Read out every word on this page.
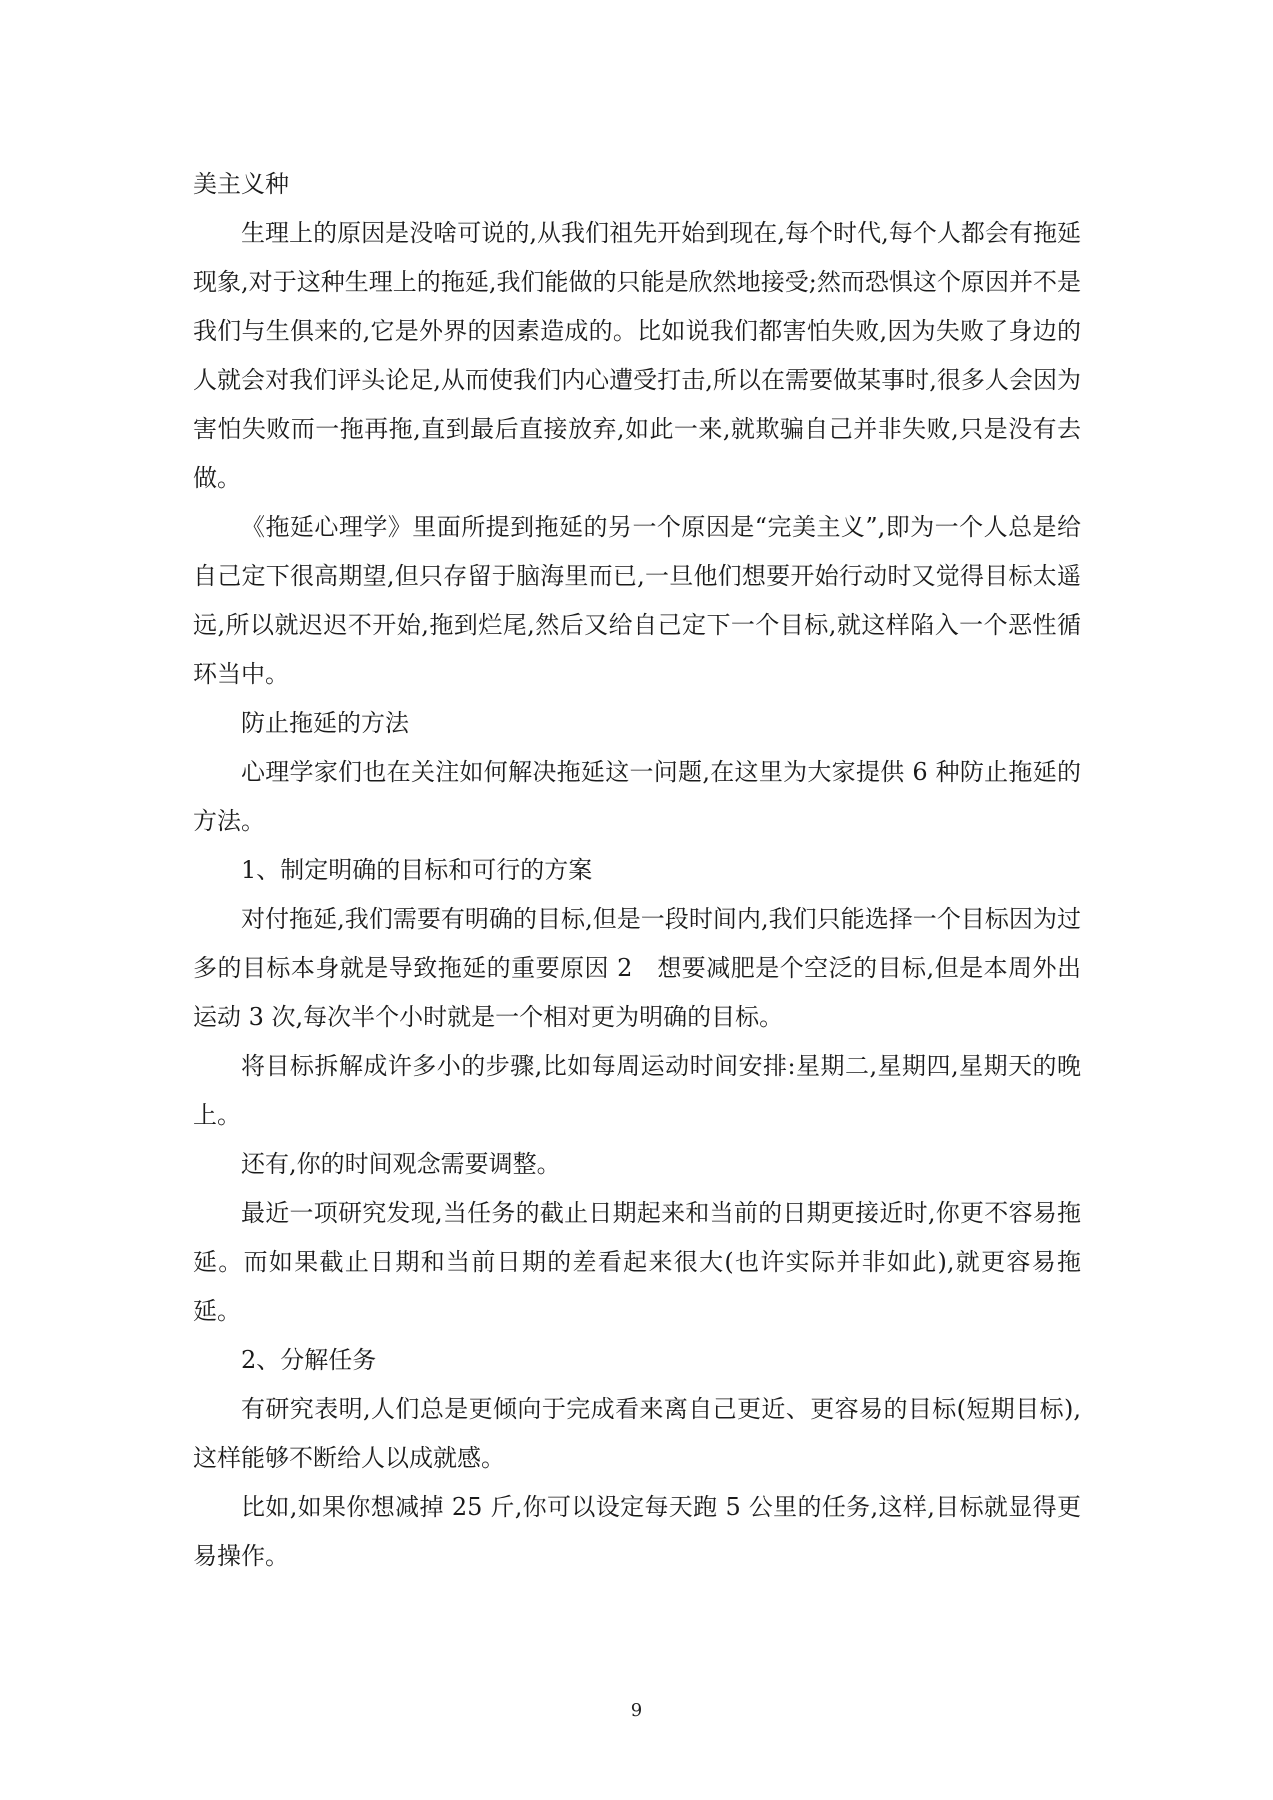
美主义种

生理上的原因是没啥可说的,从我们祖先开始到现在,每个时代,每个人都会有拖延现象,对于这种生理上的拖延,我们能做的只能是欣然地接受;然而恐惧这个原因并不是我们与生俱来的,它是外界的因素造成的。比如说我们都害怕失败,因为失败了身边的人就会对我们评头论足,从而使我们内心遭受打击,所以在需要做某事时,很多人会因为害怕失败而一拖再拖,直到最后直接放弃,如此一来,就欺骗自己并非失败,只是没有去做。

《拖延心理学》里面所提到拖延的另一个原因是“完美主义”,即为一个人总是给自己定下很高期望,但只存留于脑海里而已,一旦他们想要开始行动时又觉得目标太遥远,所以就迟迟不开始,拖到烂尾,然后又给自己定下一个目标,就这样陷入一个恶性循环当中。

防止拖延的方法

心理学家们也在关注如何解决拖延这一问题,在这里为大家提供 6 种防止拖延的方法。

1、制定明确的目标和可行的方案

对付拖延,我们需要有明确的目标,但是一段时间内,我们只能选择一个目标因为过多的目标本身就是导致拖延的重要原因 2　想要减肥是个空泛的目标,但是本周外出运动 3 次,每次半个小时就是一个相对更为明确的目标。

将目标拆解成许多小的步骤,比如每周运动时间安排:星期二,星期四,星期天的晚上。

还有,你的时间观念需要调整。

最近一项研究发现,当任务的截止日期起来和当前的日期更接近时,你更不容易拖延。而如果截止日期和当前日期的差看起来很大(也许实际并非如此),就更容易拖延。

2、分解任务

有研究表明,人们总是更倾向于完成看来离自己更近、更容易的目标(短期目标),这样能够不断给人以成就感。

比如,如果你想减掉 25 斤,你可以设定每天跑 5 公里的任务,这样,目标就显得更易操作。

9
